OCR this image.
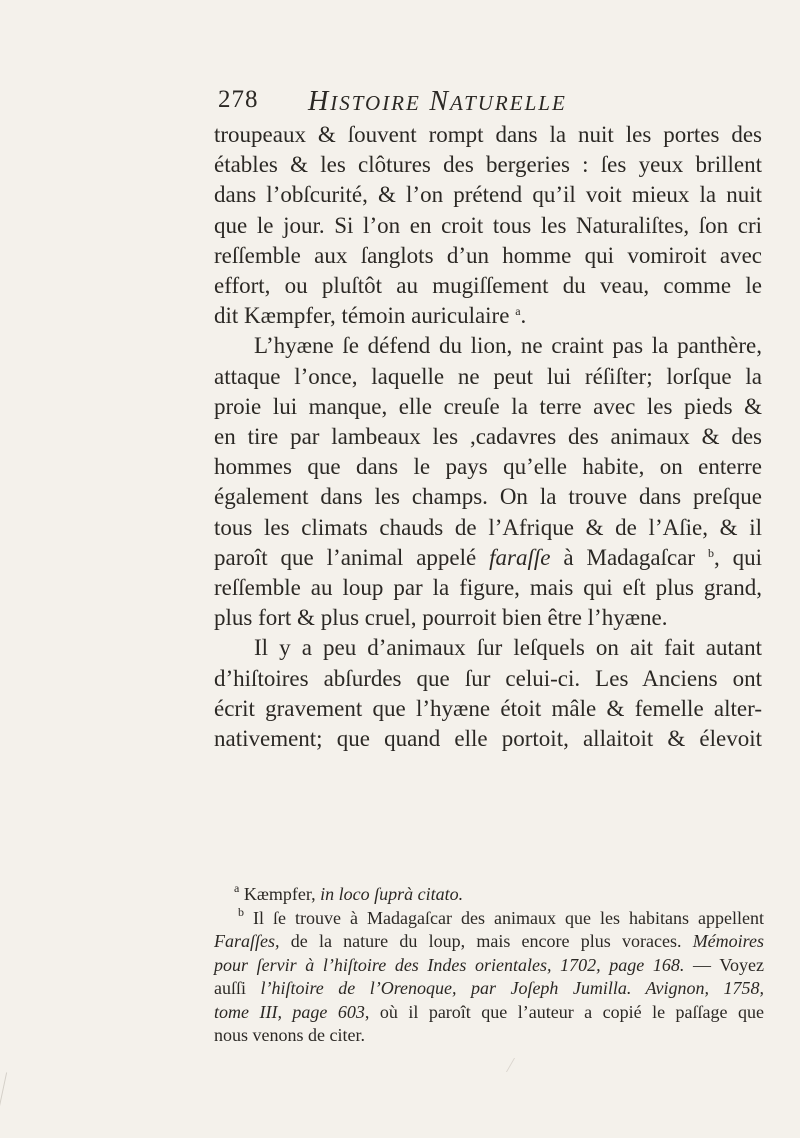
278 HISTOIRE NATURELLE
troupeaux & ſouvent rompt dans la nuit les portes des
étables & les clôtures des bergeries : ſes yeux brillent
dans l’obſcurité, & l’on prétend qu’il voit mieux la nuit
que le jour. Si l’on en croit tous les Naturaliſtes, ſon cri
reſſemble aux ſanglots d’un homme qui vomiroit avec
effort, ou pluſtôt au mugiſſement du veau, comme le
dit Kæmpfer, témoin auriculaire $^a$.
L’hyæne ſe défend du lion, ne craint pas la panthère,
attaque l’once, laquelle ne peut lui réſiſter; lorſque la
proie lui manque, elle creuſe la terre avec les pieds &
en tire par lambeaux les ,cadavres des animaux & des
hommes que dans le pays qu’elle habite, on enterre
également dans les champs. On la trouve dans preſque
tous les climats chauds de l’Afrique & de l’Aſie, & il
paroît que l’animal appelé faraſſe à Madagaſcar $^b$, qui
reſſemble au loup par la figure, mais qui eſt plus grand,
plus fort & plus cruel, pourroit bien être l’hyæne.
Il y a peu d’animaux ſur leſquels on ait fait autant
d’hiſtoires abſurdes que ſur celui-ci. Les Anciens ont
écrit gravement que l’hyæne étoit mâle & femelle alter-
nativement; que quand elle portoit, allaitoit & élevoit
$^a$ Kæmpfer, in loco ſuprà citato.
$^b$ Il ſe trouve à Madagaſcar des animaux que les habitans appellent
Faraſſes, de la nature du loup, mais encore plus voraces. Mémoires
pour ſervir à l’hiſtoire des Indes orientales, 1702, page 168. — Voyez
auſſi l’hiſtoire de l’Orenoque, par Joſeph Jumilla. Avignon, 1758,
tome III, page 603, où il paroît que l’auteur a copié le paſſage que
nous venons de citer.
